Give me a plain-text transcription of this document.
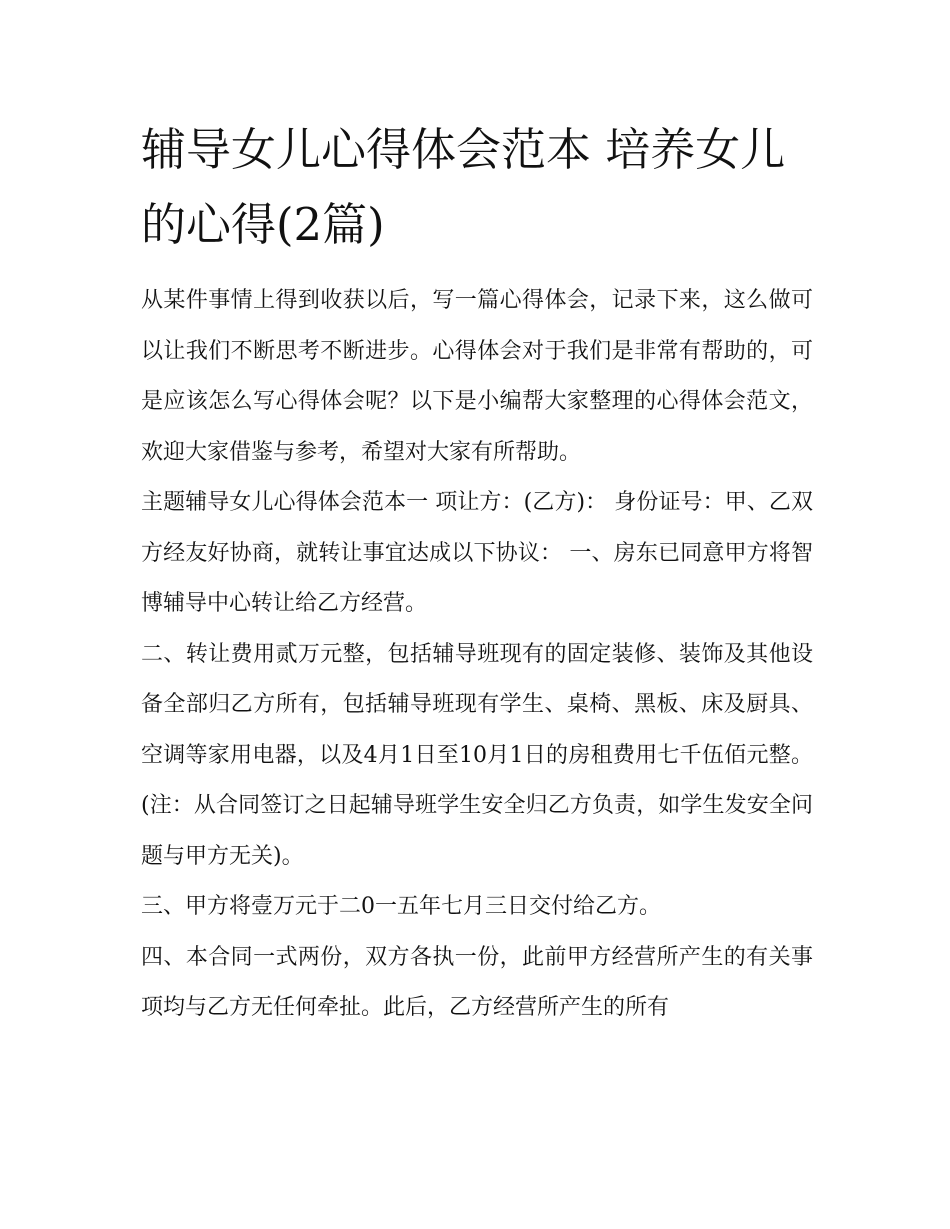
辅导女儿心得体会范本 培养女儿的心得(2篇)

从某件事情上得到收获以后，写一篇心得体会，记录下来，这么做可以让我们不断思考不断进步。心得体会对于我们是非常有帮助的，可是应该怎么写心得体会呢？以下是小编帮大家整理的心得体会范文，欢迎大家借鉴与参考，希望对大家有所帮助。

主题辅导女儿心得体会范本一 项让方：(乙方)： 身份证号：甲、乙双方经友好协商，就转让事宜达成以下协议： 一、房东已同意甲方将智博辅导中心转让给乙方经营。

二、转让费用贰万元整，包括辅导班现有的固定装修、装饰及其他设备全部归乙方所有，包括辅导班现有学生、桌椅、黑板、床及厨具、空调等家用电器，以及4月1日至10月1日的房租费用七千伍佰元整。(注：从合同签订之日起辅导班学生安全归乙方负责，如学生发安全问题与甲方无关)。

三、甲方将壹万元于二0一五年七月三日交付给乙方。

四、本合同一式两份，双方各执一份，此前甲方经营所产生的有关事项均与乙方无任何牵扯。此后，乙方经营所产生的所有
